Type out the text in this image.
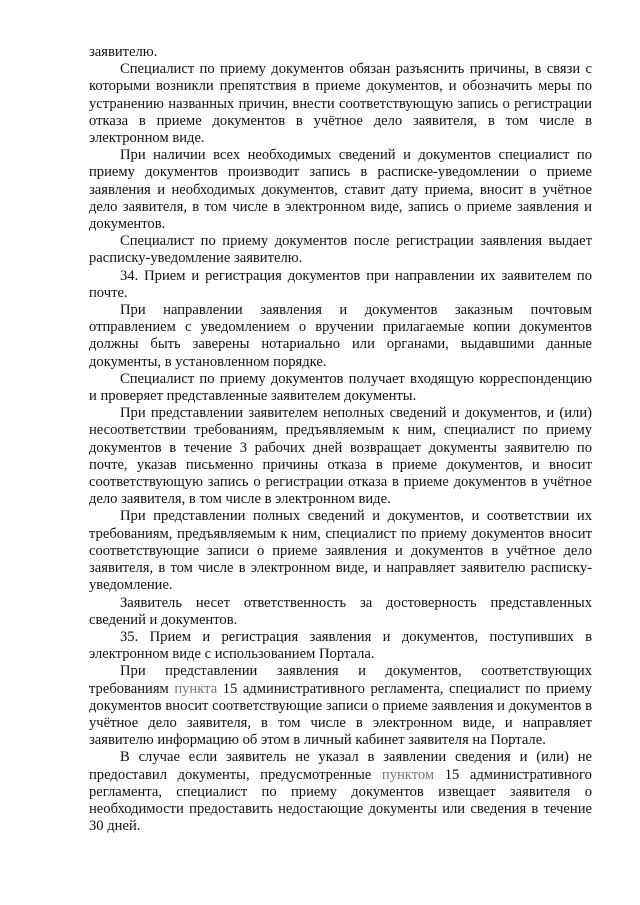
заявителю.

Специалист по приему документов обязан разъяснить причины, в связи с которыми возникли препятствия в приеме документов, и обозначить меры по устранению названных причин, внести соответствующую запись о регистрации отказа в приеме документов в учётное дело заявителя, в том числе в электронном виде.

При наличии всех необходимых сведений и документов специалист по приему документов производит запись в расписке-уведомлении о приеме заявления и необходимых документов, ставит дату приема, вносит в учётное дело заявителя, в том числе в электронном виде, запись о приеме заявления и документов.

Специалист по приему документов после регистрации заявления выдает расписку-уведомление заявителю.

34. Прием и регистрация документов при направлении их заявителем по почте.

При направлении заявления и документов заказным почтовым отправлением с уведомлением о вручении прилагаемые копии документов должны быть заверены нотариально или органами, выдавшими данные документы, в установленном порядке.

Специалист по приему документов получает входящую корреспонденцию и проверяет представленные заявителем документы.

При представлении заявителем неполных сведений и документов, и (или) несоответствии требованиям, предъявляемым к ним, специалист по приему документов в течение 3 рабочих дней возвращает документы заявителю по почте, указав письменно причины отказа в приеме документов, и вносит соответствующую запись о регистрации отказа в приеме документов в учётное дело заявителя, в том числе в электронном виде.

При представлении полных сведений и документов, и соответствии их требованиям, предъявляемым к ним, специалист по приему документов вносит соответствующие записи о приеме заявления и документов в учётное дело заявителя, в том числе в электронном виде, и направляет заявителю расписку-уведомление.

Заявитель несет ответственность за достоверность представленных сведений и документов.

35. Прием и регистрация заявления и документов, поступивших в электронном виде с использованием Портала.

При представлении заявления и документов, соответствующих требованиям пункта 15 административного регламента, специалист по приему документов вносит соответствующие записи о приеме заявления и документов в учётное дело заявителя, в том числе в электронном виде, и направляет заявителю информацию об этом в личный кабинет заявителя на Портале.

В случае если заявитель не указал в заявлении сведения и (или) не предоставил документы, предусмотренные пунктом 15 административного регламента, специалист по приему документов извещает заявителя о необходимости предоставить недостающие документы или сведения в течение 30 дней.
